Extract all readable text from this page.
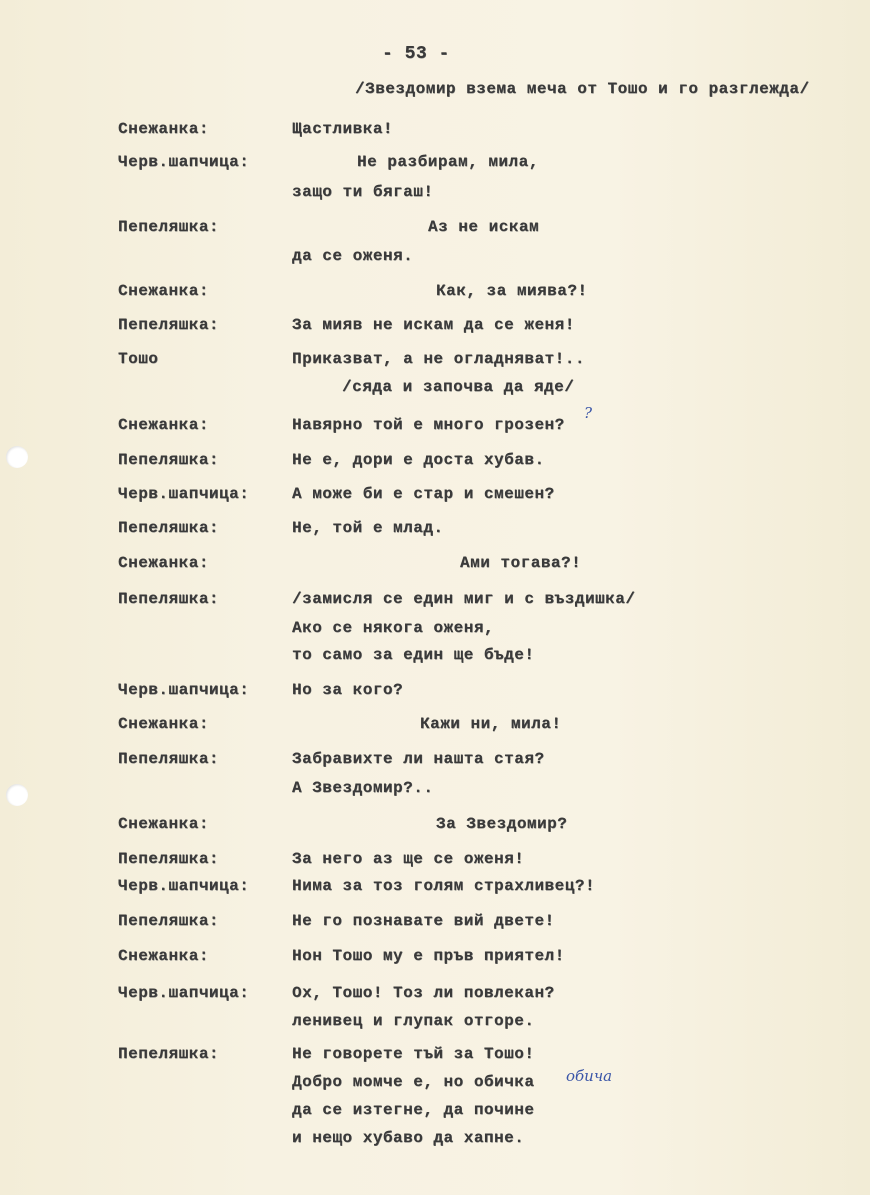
- 53 -
/Звездомир взема меча от Тошо и го разглежда/
Снежанка:	Щастливка!
Черв.шапчица:	Не разбирам, мила,
защо ти бягаш!
Пепеляшка:	Аз не искам
да се оженя.
Снежанка:	Как, за миява?!
Пепеляшка:	За мияв не искам да се женя!
Тошо	Приказват, а не огладняват!..
/сяда и започва да яде/
Снежанка:	Навярно той е много грозен?
?
Пепеляшка:	Не е, дори е доста хубав.
Черв.шапчица:	А може би е стар и смешен?
Пепеляшка:	Не, той е млад.
Снежанка:	Ами тогава?!
Пепеляшка:	/замисля се един миг и с въздишка/
Ако се някога оженя,
то само за един ще бъде!
Черв.шапчица:	Но за кого?
Снежанка:	Кажи ни, мила!
Пепеляшка:	Забравихте ли нашта стая?
А Звездомир?..
Снежанка:	За Звездомир?
Пепеляшка:	За него аз ще се оженя!
Черв.шапчица:	Нима за тоз голям страхливец?!
Пепеляшка:	Не го познавате вий двете!
Снежанка:	Нон Тошо му е пръв приятел!
Черв.шапчица:	Ох, Тошо! Тоз ли повлекан?
ленивец и глупак отгоре.
Пепеляшка:	Не говорете тъй за Тошо!
Добро момче е, но обичка обича
да се изтегне, да почине
и нещо хубаво да хапне.
